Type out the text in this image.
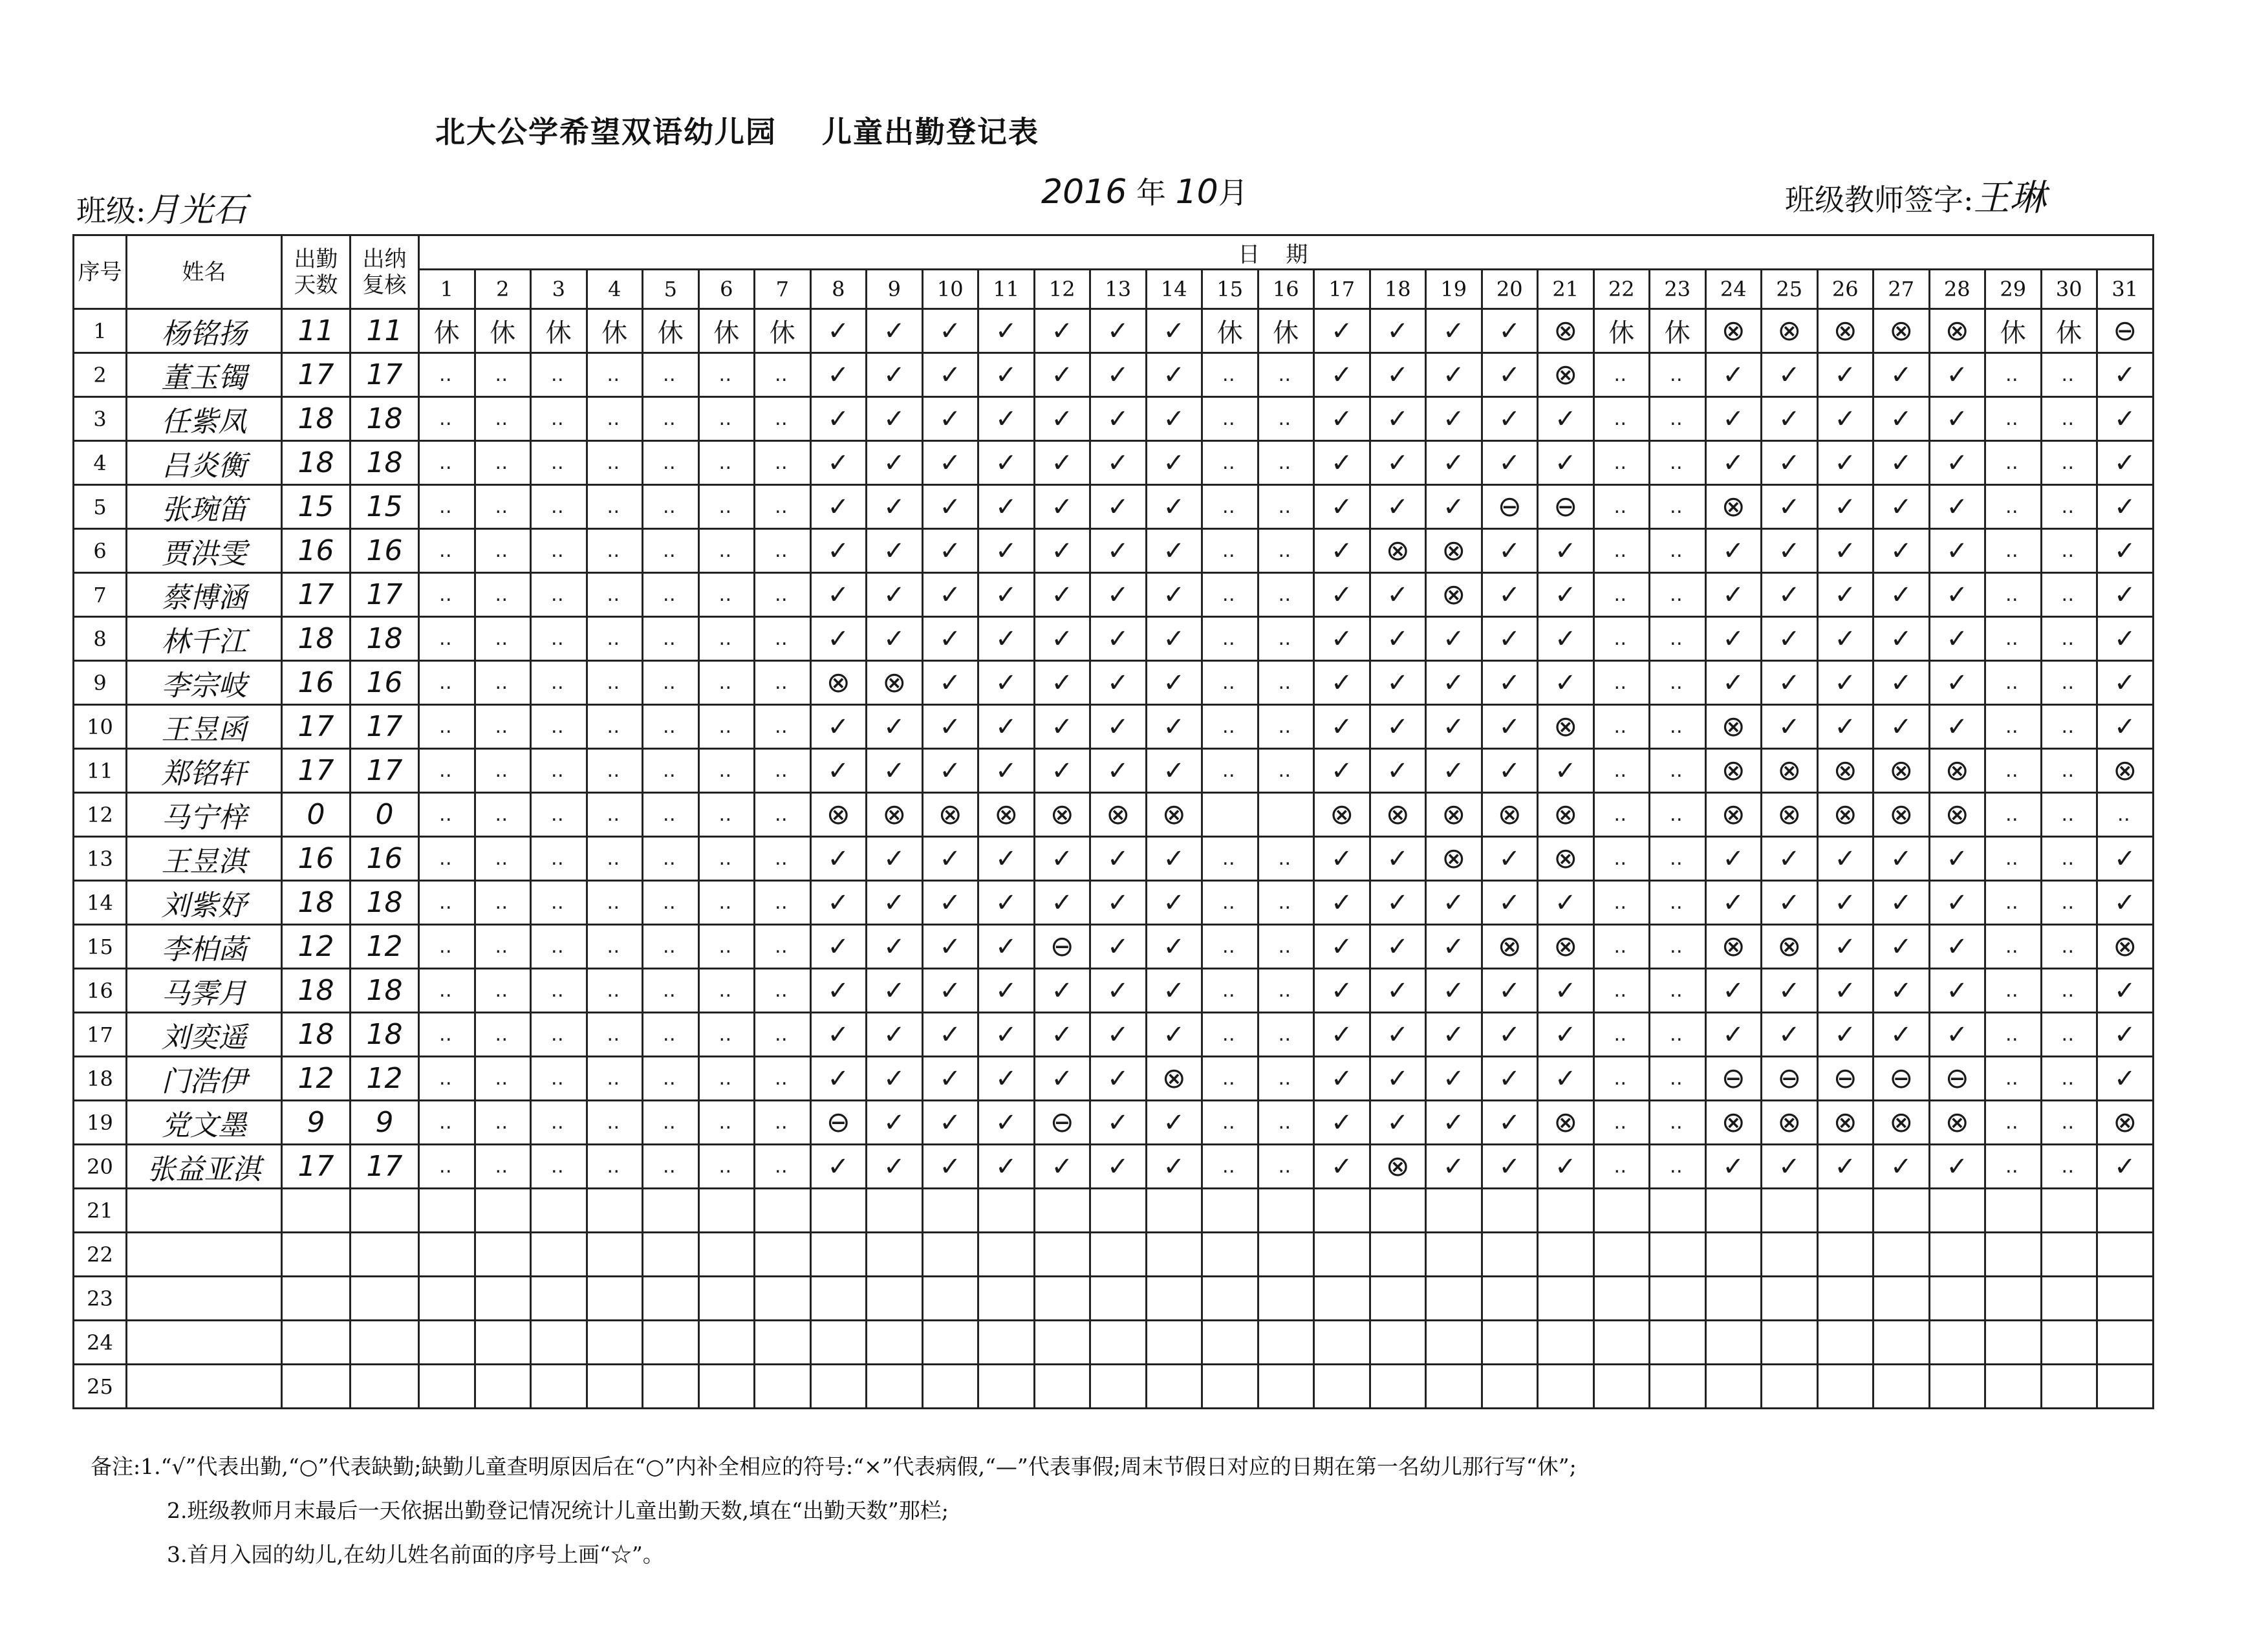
北大公学希望双语幼儿园 儿童出勤登记表
班级:月光石	2016 年 10月	班级教师签字:王琳
序号	姓名	出勤天数	出纳复核	日期																														
				1	2	3	4	5	6	7	8	9	10	11	12	13	14	15	16	17	18	19	20	21	22	23	24	25	26	27	28	29	30	31
1	杨铭扬	11	11	休	休	休	休	休	休	休	✓	✓	✓	✓	✓	✓	✓	休	休	✓	✓	✓	✓	⊗	休	休	⊗	⊗	⊗	⊗	⊗	休	休	⊖
2	董玉镯	17	17	‥	‥	‥	‥	‥	‥	‥	✓	✓	✓	✓	✓	✓	✓	‥	‥	✓	✓	✓	✓	⊗	‥	‥	✓	✓	✓	✓	✓	‥	‥	✓
3	任紫凤	18	18	‥	‥	‥	‥	‥	‥	‥	✓	✓	✓	✓	✓	✓	✓	‥	‥	✓	✓	✓	✓	✓	‥	‥	✓	✓	✓	✓	✓	‥	‥	✓
4	吕炎衡	18	18	‥	‥	‥	‥	‥	‥	‥	✓	✓	✓	✓	✓	✓	✓	‥	‥	✓	✓	✓	✓	✓	‥	‥	✓	✓	✓	✓	✓	‥	‥	✓
5	张琬笛	15	15	‥	‥	‥	‥	‥	‥	‥	✓	✓	✓	✓	✓	✓	✓	‥	‥	✓	✓	✓	⊖	⊖	‥	‥	⊗	✓	✓	✓	✓	‥	‥	✓
6	贾洪雯	16	16	‥	‥	‥	‥	‥	‥	‥	✓	✓	✓	✓	✓	✓	✓	‥	‥	✓	⊗	⊗	✓	✓	‥	‥	✓	✓	✓	✓	✓	‥	‥	✓
7	蔡博涵	17	17	‥	‥	‥	‥	‥	‥	‥	✓	✓	✓	✓	✓	✓	✓	‥	‥	✓	✓	⊗	✓	✓	‥	‥	✓	✓	✓	✓	✓	‥	‥	✓
8	林千江	18	18	‥	‥	‥	‥	‥	‥	‥	✓	✓	✓	✓	✓	✓	✓	‥	‥	✓	✓	✓	✓	✓	‥	‥	✓	✓	✓	✓	✓	‥	‥	✓
9	李宗岐	16	16	‥	‥	‥	‥	‥	‥	‥	⊗	⊗	✓	✓	✓	✓	✓	‥	‥	✓	✓	✓	✓	✓	‥	‥	✓	✓	✓	✓	✓	‥	‥	✓
10	王昱函	17	17	‥	‥	‥	‥	‥	‥	‥	✓	✓	✓	✓	✓	✓	✓	‥	‥	✓	✓	✓	✓	⊗	‥	‥	⊗	✓	✓	✓	✓	‥	‥	✓
11	郑铭轩	17	17	‥	‥	‥	‥	‥	‥	‥	✓	✓	✓	✓	✓	✓	✓	‥	‥	✓	✓	✓	✓	✓	‥	‥	⊗	⊗	⊗	⊗	⊗	‥	‥	⊗
12	马宁梓	0	0	‥	‥	‥	‥	‥	‥	‥	⊗	⊗	⊗	⊗	⊗	⊗	⊗			⊗	⊗	⊗	⊗	⊗	‥	‥	⊗	⊗	⊗	⊗	⊗	‥	‥	‥
13	王昱淇	16	16	‥	‥	‥	‥	‥	‥	‥	✓	✓	✓	✓	✓	✓	✓	‥	‥	✓	✓	⊗	✓	⊗	‥	‥	✓	✓	✓	✓	✓	‥	‥	✓
14	刘紫妤	18	18	‥	‥	‥	‥	‥	‥	‥	✓	✓	✓	✓	✓	✓	✓	‥	‥	✓	✓	✓	✓	✓	‥	‥	✓	✓	✓	✓	✓	‥	‥	✓
15	李柏菡	12	12	‥	‥	‥	‥	‥	‥	‥	✓	✓	✓	✓	⊖	✓	✓	‥	‥	✓	✓	✓	⊗	⊗	‥	‥	⊗	⊗	✓	✓	✓	‥	‥	⊗
16	马霁月	18	18	‥	‥	‥	‥	‥	‥	‥	✓	✓	✓	✓	✓	✓	✓	‥	‥	✓	✓	✓	✓	✓	‥	‥	✓	✓	✓	✓	✓	‥	‥	✓
17	刘奕遥	18	18	‥	‥	‥	‥	‥	‥	‥	✓	✓	✓	✓	✓	✓	✓	‥	‥	✓	✓	✓	✓	✓	‥	‥	✓	✓	✓	✓	✓	‥	‥	✓
18	门浩伊	12	12	‥	‥	‥	‥	‥	‥	‥	✓	✓	✓	✓	✓	✓	⊗	‥	‥	✓	✓	✓	✓	✓	‥	‥	⊖	⊖	⊖	⊖	⊖	‥	‥	✓
19	党文墨	9	9	‥	‥	‥	‥	‥	‥	‥	⊖	✓	✓	✓	⊖	✓	✓	‥	‥	✓	✓	✓	✓	⊗	‥	‥	⊗	⊗	⊗	⊗	⊗	‥	‥	⊗
20	张益亚淇	17	17	‥	‥	‥	‥	‥	‥	‥	✓	✓	✓	✓	✓	✓	✓	‥	‥	✓	⊗	✓	✓	✓	‥	‥	✓	✓	✓	✓	✓	‥	‥	✓
21																																		
22																																		
23																																		
24																																		
25																																		
备注:1.“√”代表出勤,“○”代表缺勤;缺勤儿童查明原因后在“○”内补全相应的符号:“×”代表病假,“—”代表事假;周末节假日对应的日期在第一名幼儿那行写“休”;
2.班级教师月末最后一天依据出勤登记情况统计儿童出勤天数,填在“出勤天数”那栏;
3.首月入园的幼儿,在幼儿姓名前面的序号上画“☆”。
